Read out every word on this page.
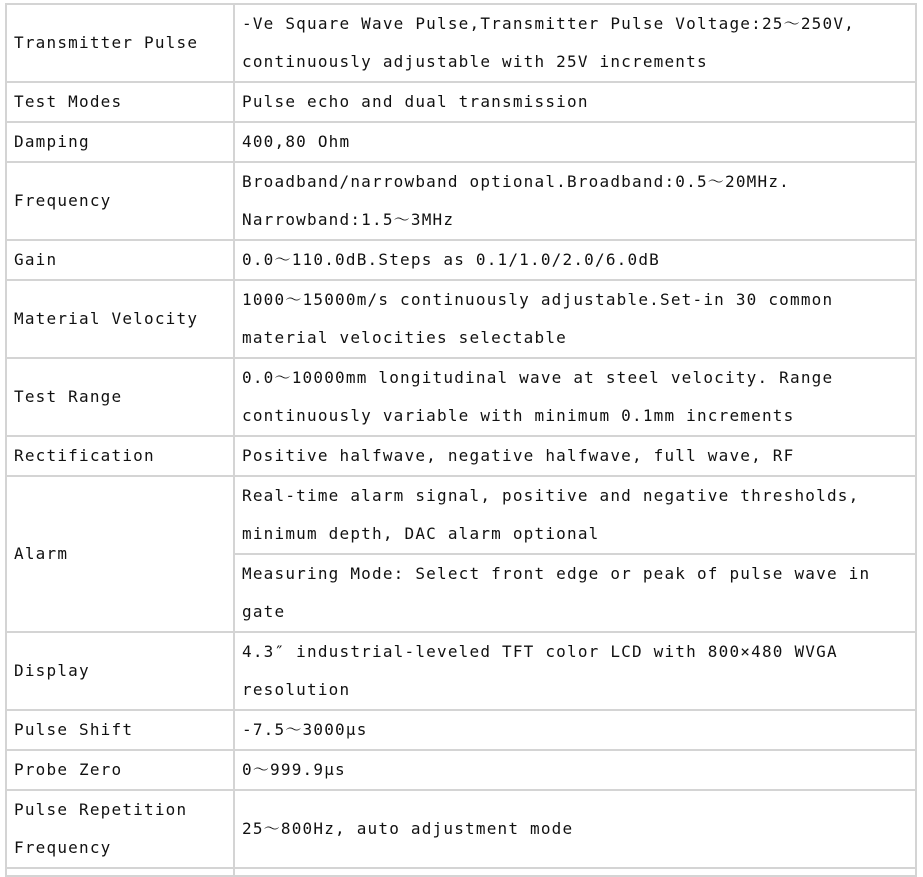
Transmitter Pulse	-Ve Square Wave Pulse,Transmitter Pulse Voltage:25～250V, continuously adjustable with 25V increments
Test Modes	Pulse echo and dual transmission
Damping	400,80 Ohm
Frequency	Broadband/narrowband optional.Broadband:0.5～20MHz. Narrowband:1.5～3MHz
Gain	0.0～110.0dB.Steps as 0.1/1.0/2.0/6.0dB
Material Velocity	1000～15000m/s continuously adjustable.Set-in 30 common material velocities selectable
Test Range	0.0～10000mm longitudinal wave at steel velocity. Range continuously variable with minimum 0.1mm increments
Rectification	Positive halfwave, negative halfwave, full wave, RF
Alarm	Real-time alarm signal, positive and negative thresholds, minimum depth, DAC alarm optional
	Measuring Mode: Select front edge or peak of pulse wave in gate
Display	4.3″ industrial-leveled TFT color LCD with 800×480 WVGA resolution
Pulse Shift	-7.5～3000μs
Probe Zero	0～999.9μs
Pulse Repetition Frequency	25～800Hz, auto adjustment mode
